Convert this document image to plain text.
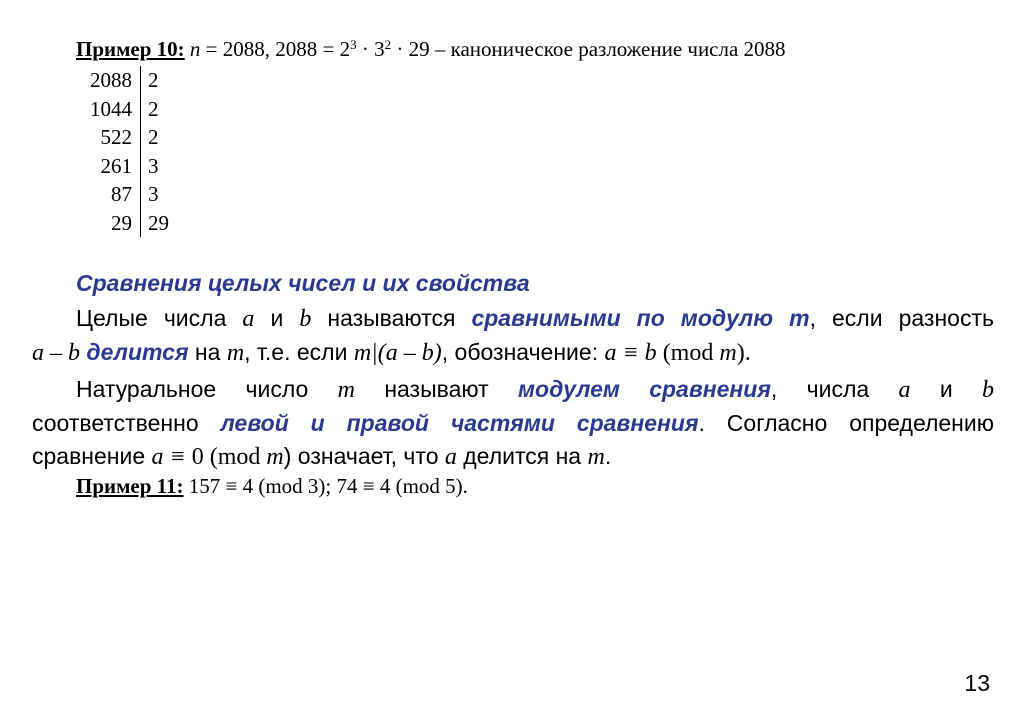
Пример 10: n = 2088, $2088 = 2^3 \cdot 3^2 \cdot 29$ – каноническое разложение числа 2088
2088 2
1044 2
522 2
261 3
87 3
29 29
Сравнения целых чисел и их свойства
Целые числа a и b называются сравнимыми по модулю m, если разность
a – b делится на m, т.е. если m|(a – b), обозначение: a ≡ b (mod m).
Натуральное число m называют модулем сравнения, числа a и b
соответственно левой и правой частями сравнения. Согласно определению
сравнение a ≡ 0 (mod m) означает, что a делится на m.
Пример 11: 157 ≡ 4 (mod 3); 74 ≡ 4 (mod 5).
13
